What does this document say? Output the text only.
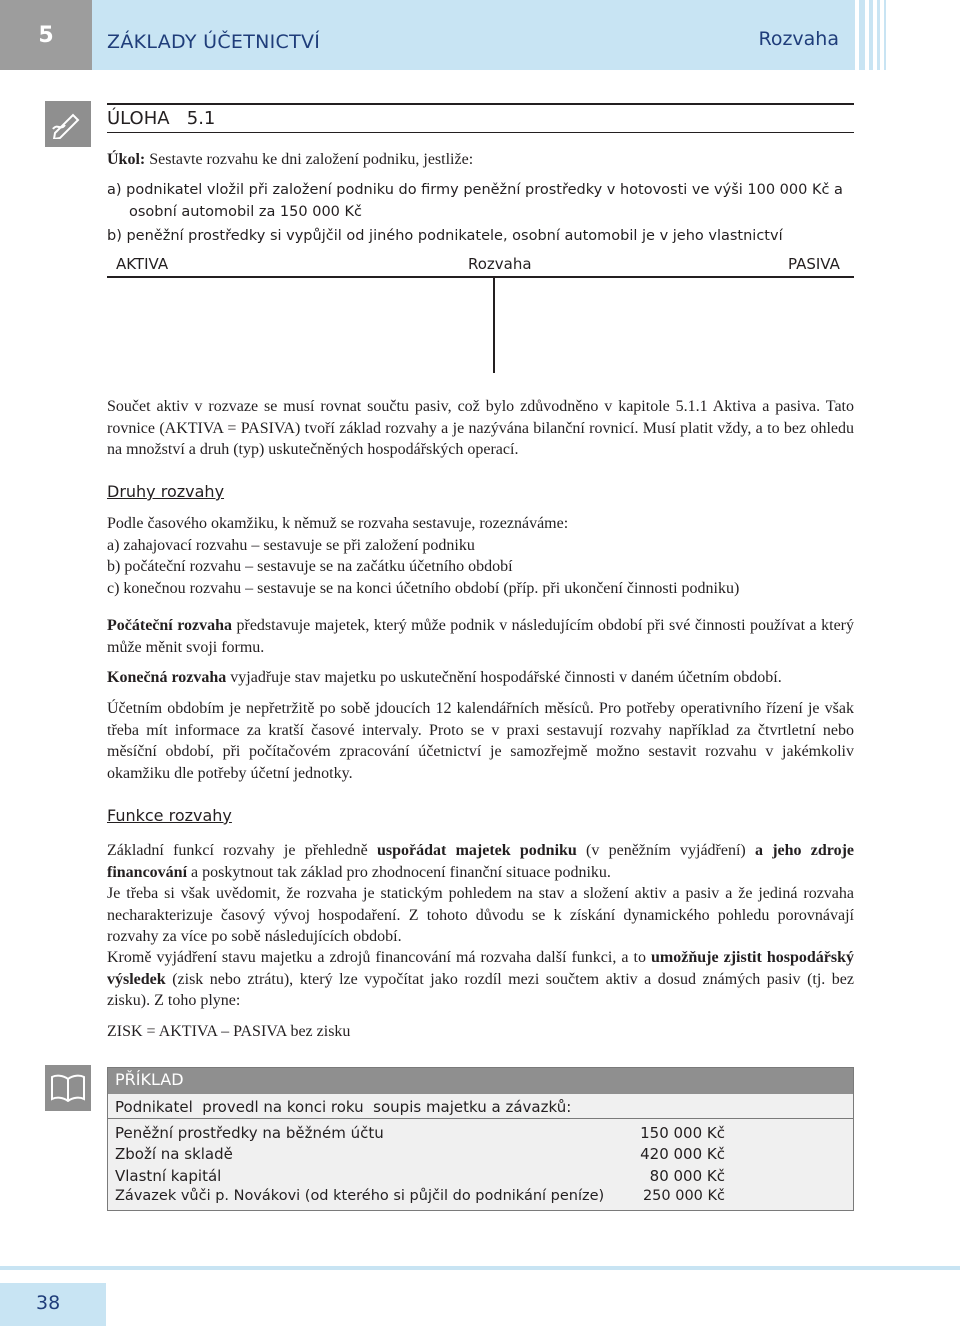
5	ZÁKLADY ÚČETNICTVÍ	Rozvaha
ÚLOHA   5.1
Úkol: Sestavte rozvahu ke dni založení podniku, jestliže:
a) podnikatel vložil při založení podniku do firmy peněžní prostředky v hotovosti ve výši 100 000 Kč a osobní automobil za 150 000 Kč
b) peněžní prostředky si vypůjčil od jiného podnikatele, osobní automobil je v jeho vlastnictví
AKTIVA	Rozvaha	PASIVA
Součet aktiv v rozvaze se musí rovnat součtu pasiv, což bylo zdůvodněno v kapitole 5.1.1 Aktiva a pasiva. Tato rovnice (AKTIVA = PASIVA) tvoří základ rozvahy a je nazývána bilanční rovnicí. Musí platit vždy, a to bez ohledu na množství a druh (typ) uskutečněných hospodářských operací.
Druhy rozvahy
Podle časového okamžiku, k němuž se rozvaha sestavuje, rozeznáváme:
a) zahajovací rozvahu – sestavuje se při založení podniku
b) počáteční rozvahu – sestavuje se na začátku účetního období
c) konečnou rozvahu – sestavuje se na konci účetního období (příp. při ukončení činnosti podniku)
Počáteční rozvaha představuje majetek, který může podnik v následujícím období při své činnosti používat a který může měnit svoji formu.
Konečná rozvaha vyjadřuje stav majetku po uskutečnění hospodářské činnosti v daném účetním období.
Účetním obdobím je nepřetržitě po sobě jdoucích 12 kalendářních měsíců. Pro potřeby operativního řízení je však třeba mít informace za kratší časové intervaly. Proto se v praxi sestavují rozvahy například za čtvrtletní nebo měsíční období, při počítačovém zpracování účetnictví je samozřejmě možno sestavit rozvahu v jakémkoliv okamžiku dle potřeby účetní jednotky.
Funkce rozvahy
Základní funkcí rozvahy je přehledně uspořádat majetek podniku (v peněžním vyjádření) a jeho zdroje financování a poskytnout tak základ pro zhodnocení finanční situace podniku.
Je třeba si však uvědomit, že rozvaha je statickým pohledem na stav a složení aktiv a pasiv a že jediná rozvaha necharakterizuje časový vývoj hospodaření. Z tohoto důvodu se k získání dynamického pohledu porovnávají rozvahy za více po sobě následujících období.
Kromě vyjádření stavu majetku a zdrojů financování má rozvaha další funkci, a to umožňuje zjistit hospodářský výsledek (zisk nebo ztrátu), který lze vypočítat jako rozdíl mezi součtem aktiv a dosud známých pasiv (tj. bez zisku). Z toho plyne:
ZISK = AKTIVA – PASIVA bez zisku
PŘÍKLAD
Podnikatel  provedl na konci roku  soupis majetku a závazků:
Peněžní prostředky na běžném účtu	150 000 Kč
Zboží na skladě	420 000 Kč
Vlastní kapitál	80 000 Kč
Závazek vůči p. Novákovi (od kterého si půjčil do podnikání peníze)	250 000 Kč
38
